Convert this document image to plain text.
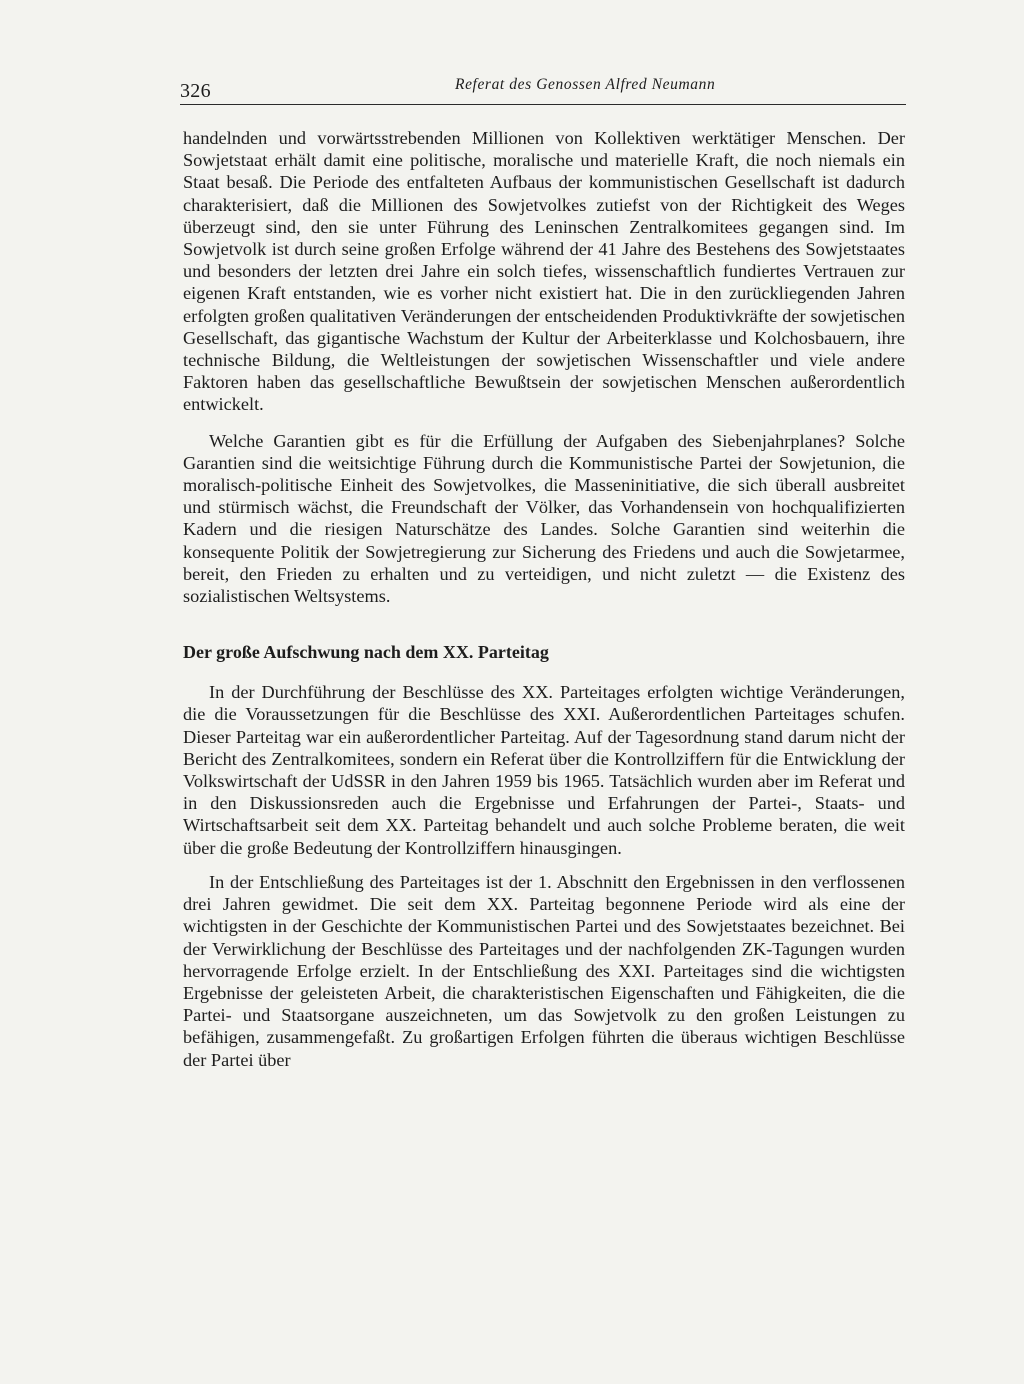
326	Referat des Genossen Alfred Neumann

handelnden und vorwärtsstrebenden Millionen von Kollektiven werktätiger Menschen. Der Sowjetstaat erhält damit eine politische, moralische und materielle Kraft, die noch niemals ein Staat besaß. Die Periode des entfalteten Aufbaus der kommunistischen Gesellschaft ist dadurch charakterisiert, daß die Millionen des Sowjetvolkes zutiefst von der Richtigkeit des Weges überzeugt sind, den sie unter Führung des Leninschen Zentralkomitees gegangen sind. Im Sowjetvolk ist durch seine großen Erfolge während der 41 Jahre des Bestehens des Sowjetstaates und besonders der letzten drei Jahre ein solch tiefes, wissenschaftlich fundiertes Vertrauen zur eigenen Kraft entstanden, wie es vorher nicht existiert hat. Die in den zurückliegenden Jahren erfolgten großen qualitativen Veränderungen der entscheidenden Produktivkräfte der sowjetischen Gesellschaft, das gigantische Wachstum der Kultur der Arbeiterklasse und Kolchosbauern, ihre technische Bildung, die Weltleistungen der sowjetischen Wissenschaftler und viele andere Faktoren haben das gesellschaftliche Bewußtsein der sowjetischen Menschen außerordentlich entwickelt.

Welche Garantien gibt es für die Erfüllung der Aufgaben des Siebenjahrplanes? Solche Garantien sind die weitsichtige Führung durch die Kommunistische Partei der Sowjetunion, die moralisch-politische Einheit des Sowjetvolkes, die Masseninitiative, die sich überall ausbreitet und stürmisch wächst, die Freundschaft der Völker, das Vorhandensein von hochqualifizierten Kadern und die riesigen Naturschätze des Landes. Solche Garantien sind weiterhin die konsequente Politik der Sowjetregierung zur Sicherung des Friedens und auch die Sowjetarmee, bereit, den Frieden zu erhalten und zu verteidigen, und nicht zuletzt — die Existenz des sozialistischen Weltsystems.

Der große Aufschwung nach dem XX. Parteitag

In der Durchführung der Beschlüsse des XX. Parteitages erfolgten wichtige Veränderungen, die die Voraussetzungen für die Beschlüsse des XXI. Außerordentlichen Parteitages schufen. Dieser Parteitag war ein außerordentlicher Parteitag. Auf der Tagesordnung stand darum nicht der Bericht des Zentralkomitees, sondern ein Referat über die Kontrollziffern für die Entwicklung der Volkswirtschaft der UdSSR in den Jahren 1959 bis 1965. Tatsächlich wurden aber im Referat und in den Diskussionsreden auch die Ergebnisse und Erfahrungen der Partei-, Staats- und Wirtschaftsarbeit seit dem XX. Parteitag behandelt und auch solche Probleme beraten, die weit über die große Bedeutung der Kontrollziffern hinausgingen.

In der Entschließung des Parteitages ist der 1. Abschnitt den Ergebnissen in den verflossenen drei Jahren gewidmet. Die seit dem XX. Parteitag begonnene Periode wird als eine der wichtigsten in der Geschichte der Kommunistischen Partei und des Sowjetstaates bezeichnet. Bei der Verwirklichung der Beschlüsse des Parteitages und der nachfolgenden ZK-Tagungen wurden hervorragende Erfolge erzielt. In der Entschließung des XXI. Parteitages sind die wichtigsten Ergebnisse der geleisteten Arbeit, die charakteristischen Eigenschaften und Fähigkeiten, die die Partei- und Staatsorgane auszeichneten, um das Sowjetvolk zu den großen Leistungen zu befähigen, zusammengefaßt. Zu großartigen Erfolgen führten die überaus wichtigen Beschlüsse der Partei über
